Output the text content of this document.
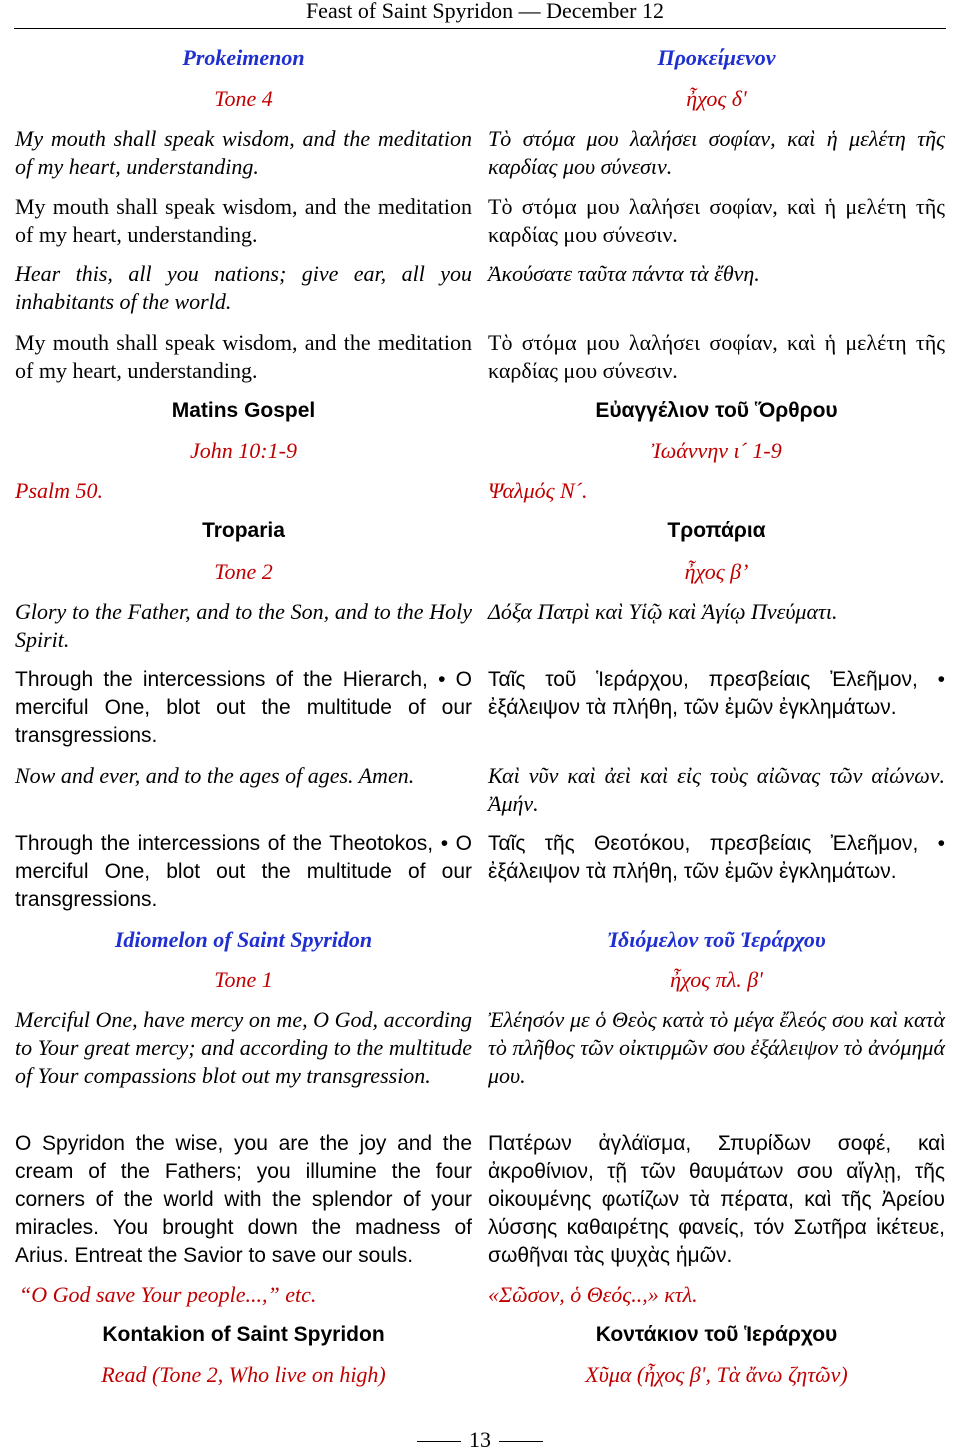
Feast of Saint Spyridon — December 12

Prokeimenon

Tone 4

My mouth shall speak wisdom, and the meditation of my heart, understanding.

My mouth shall speak wisdom, and the meditation of my heart, understanding.

Hear this, all you nations; give ear, all you inhabitants of the world.

My mouth shall speak wisdom, and the meditation of my heart, understanding.

Matins Gospel

John 10:1-9

Psalm 50.

Troparia

Tone 2

Glory to the Father, and to the Son, and to the Holy Spirit.

Through the intercessions of the Hierarch, • O merciful One, blot out the multitude of our transgressions.

Now and ever, and to the ages of ages. Amen.

Through the intercessions of the Theotokos, • O merciful One, blot out the multitude of our transgressions.

Idiomelon of Saint Spyridon

Tone 1

Merciful One, have mercy on me, O God, according to Your great mercy; and according to the multitude of Your compassions blot out my transgression.

O Spyridon the wise, you are the joy and the cream of the Fathers; you illumine the four corners of the world with the splendor of your miracles. You brought down the madness of Arius. Entreat the Savior to save our souls.

“O God save Your people...,” etc.

Kontakion of Saint Spyridon

Read (Tone 2, Who live on high)

Προκείμενον

ἦχος δʹ

Τὸ στόμα μου λαλήσει σοφίαν, καὶ ἡ μελέτη τῆς καρδίας μου σύνεσιν.

Τὸ στόμα μου λαλήσει σοφίαν, καὶ ἡ μελέτη τῆς καρδίας μου σύνεσιν.

Ἀκούσατε ταῦτα πάντα τὰ ἔθνη.

Τὸ στόμα μου λαλήσει σοφίαν, καὶ ἡ μελέτη τῆς καρδίας μου σύνεσιν.

Εὐαγγέλιον τοῦ Ὅρθρου

Ἰωάννην ι´ 1-9

Ψαλμός Ν´.

Τροπάρια

ἦχος β’

Δόξα Πατρὶ καὶ Υἱῷ καὶ Ἁγίῳ Πνεύματι.

Ταῖς τοῦ Ἱεράρχου, πρεσβείαις Ἐλεῆμον, • ἐξάλειψον τὰ πλήθη, τῶν ἐμῶν ἐγκλημάτων.

Καὶ νῦν καὶ ἀεὶ καὶ εἰς τοὺς αἰῶνας τῶν αἰώνων. Ἀμήν.

Ταῖς τῆς Θεοτόκου, πρεσβείαις Ἐλεῆμον, • ἐξάλειψον τὰ πλήθη, τῶν ἐμῶν ἐγκλημάτων.

Ἰδιόμελον τοῦ Ἱεράρχου

ἦχος πλ. βʹ

Ἐλέησόν με ὁ Θεὸς κατὰ τὸ μέγα ἔλεός σου καὶ κατὰ τὸ πλῆθος τῶν οἰκτιρμῶν σου ἐξάλειψον τὸ ἀνόμημά μου.

Πατέρων ἀγλάϊσμα, Σπυρίδων σοφέ, καὶ ἀκροθίνιον, τῇ τῶν θαυμάτων σου αἴγλῃ, τῆς οἰκουμένης φωτίζων τὰ πέρατα, καὶ τῆς Ἀρείου λύσσης καθαιρέτης φανείς, τόν Σωτῆρα ἱκέτευε, σωθῆναι τὰς ψυχὰς ἡμῶν.

«Σῶσον, ὁ Θεός..,» κτλ.

Κοντάκιον τοῦ Ἱεράρχου

Χῦμα (ἦχος βʹ, Τὰ ἄνω ζητῶν)

13
